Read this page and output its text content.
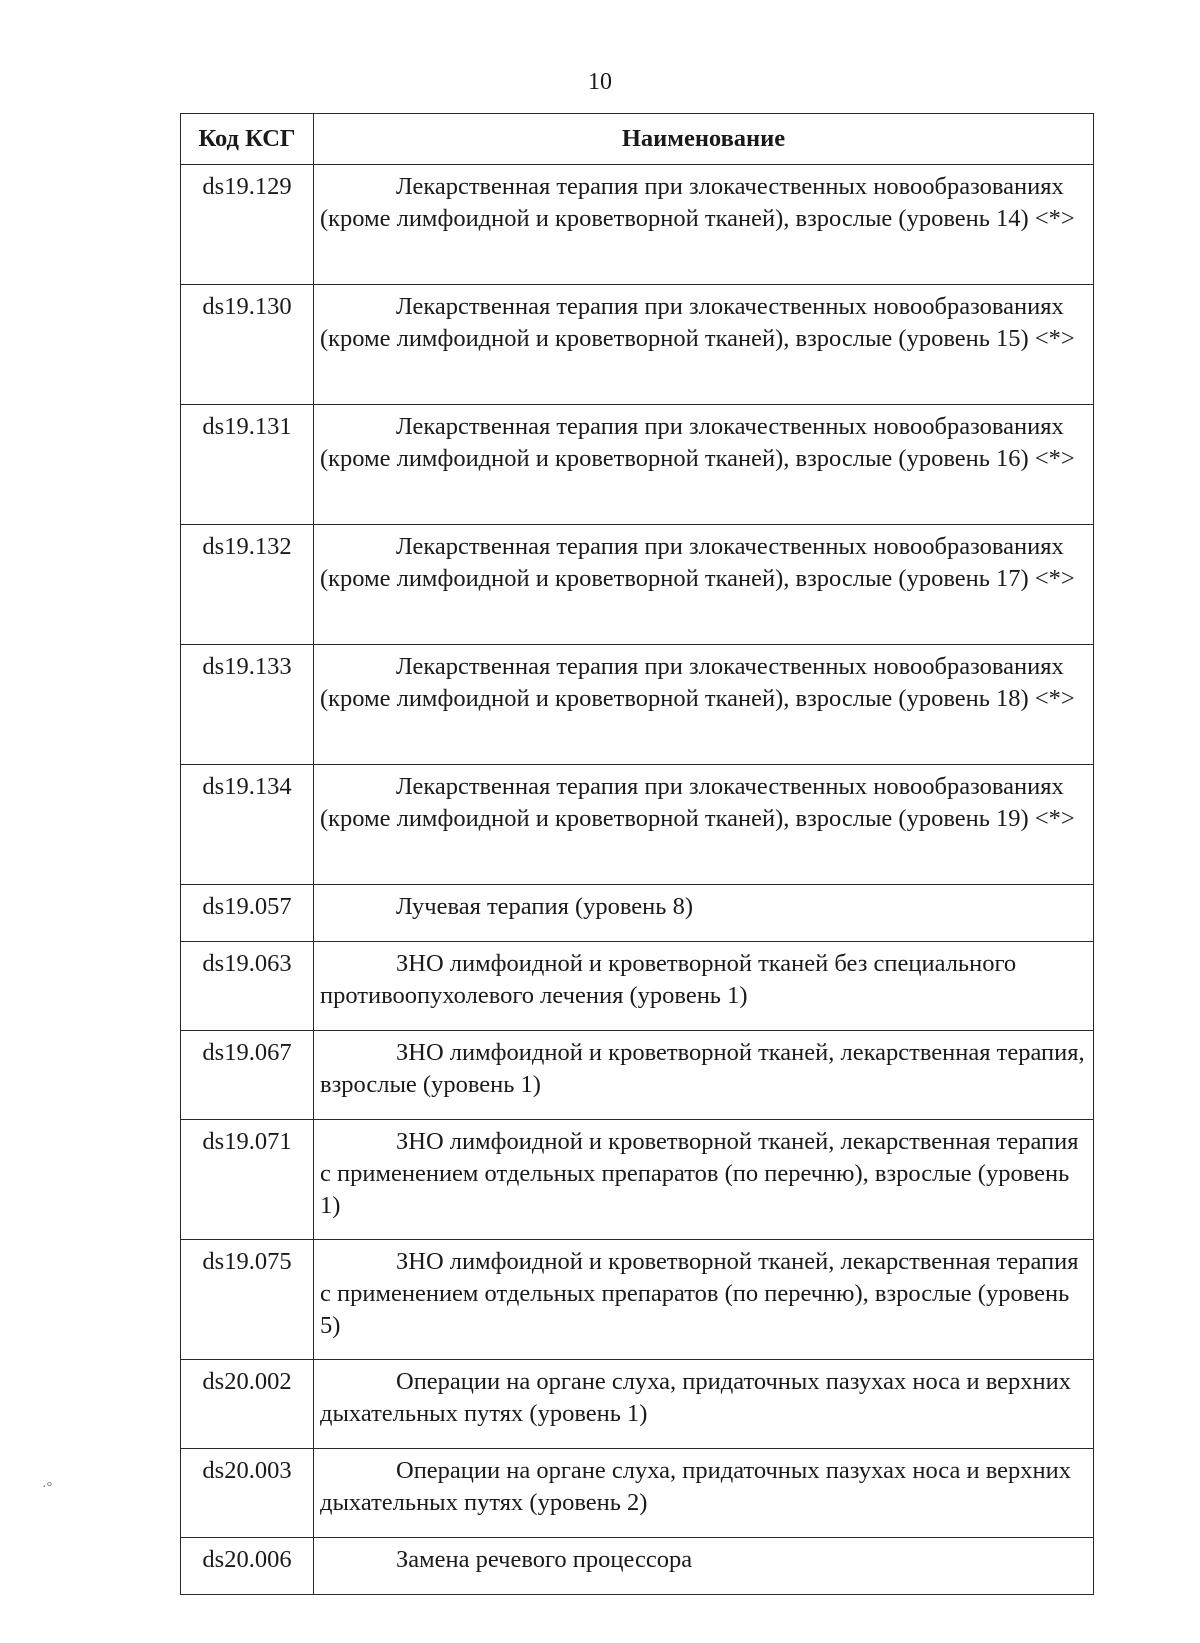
10
Код КСГ	Наименование
ds19.129	Лекарственная терапия при злокачественных новообразованиях (кроме лимфоидной и кроветворной тканей), взрослые (уровень 14) <*>
ds19.130	Лекарственная терапия при злокачественных новообразованиях (кроме лимфоидной и кроветворной тканей), взрослые (уровень 15) <*>
ds19.131	Лекарственная терапия при злокачественных новообразованиях (кроме лимфоидной и кроветворной тканей), взрослые (уровень 16) <*>
ds19.132	Лекарственная терапия при злокачественных новообразованиях (кроме лимфоидной и кроветворной тканей), взрослые (уровень 17) <*>
ds19.133	Лекарственная терапия при злокачественных новообразованиях (кроме лимфоидной и кроветворной тканей), взрослые (уровень 18) <*>
ds19.134	Лекарственная терапия при злокачественных новообразованиях (кроме лимфоидной и кроветворной тканей), взрослые (уровень 19) <*>
ds19.057	Лучевая терапия (уровень 8)
ds19.063	ЗНО лимфоидной и кроветворной тканей без специального противоопухолевого лечения (уровень 1)
ds19.067	ЗНО лимфоидной и кроветворной тканей, лекарственная терапия, взрослые (уровень 1)
ds19.071	ЗНО лимфоидной и кроветворной тканей, лекарственная терапия с применением отдельных препаратов (по перечню), взрослые (уровень 1)
ds19.075	ЗНО лимфоидной и кроветворной тканей, лекарственная терапия с применением отдельных препаратов (по перечню), взрослые (уровень 5)
ds20.002	Операции на органе слуха, придаточных пазухах носа и верхних дыхательных путях (уровень 1)
ds20.003	Операции на органе слуха, придаточных пазухах носа и верхних дыхательных путях (уровень 2)
ds20.006	Замена речевого процессора
·°
